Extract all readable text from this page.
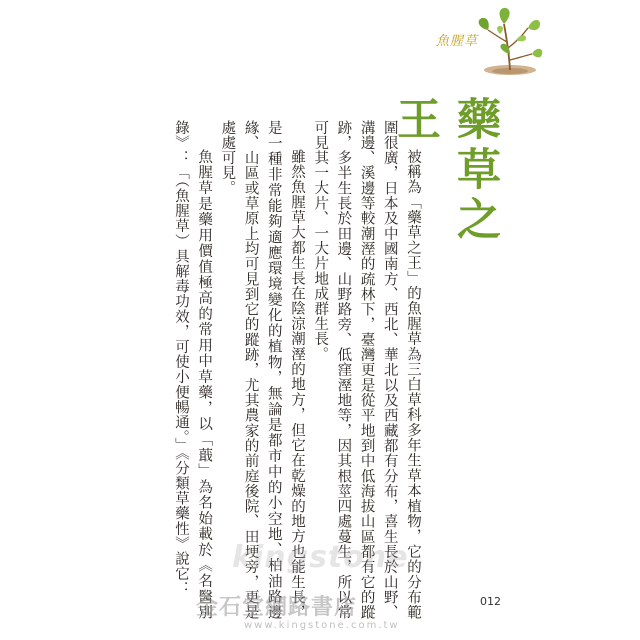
魚腥草
藥草之王

被稱為「藥草之王」的魚腥草為三白草科多年生草本植物，它的分布範圍很廣，日本及中國南方、西北、華北以及西藏都有分布，喜生長於山野、溝邊、溪邊等較潮溼的疏林下，臺灣更是從平地到中低海拔山區都有它的蹤跡，多半生長於田邊、山野路旁、低窪溼地等，因其根莖四處蔓生，所以常可見其一大片、一大片地成群生長。

雖然魚腥草大都生長在陰涼潮溼的地方，但它在乾燥的地方也能生長，是一種非常能夠適應環境變化的植物，無論是都市中的小空地、柏油路邊緣、山區或草原上均可見到它的蹤跡，尤其農家的前庭後院、田埂旁，更是處處可見。

魚腥草是藥用價值極高的常用中草藥，以「蕺」為名始載於《名醫別錄》：「（魚腥草）具解毒功效，可使小便暢通。」《分類草藥性》說它：

012
kingstone
金石堂網路書店
www.kingstone.com.tw
